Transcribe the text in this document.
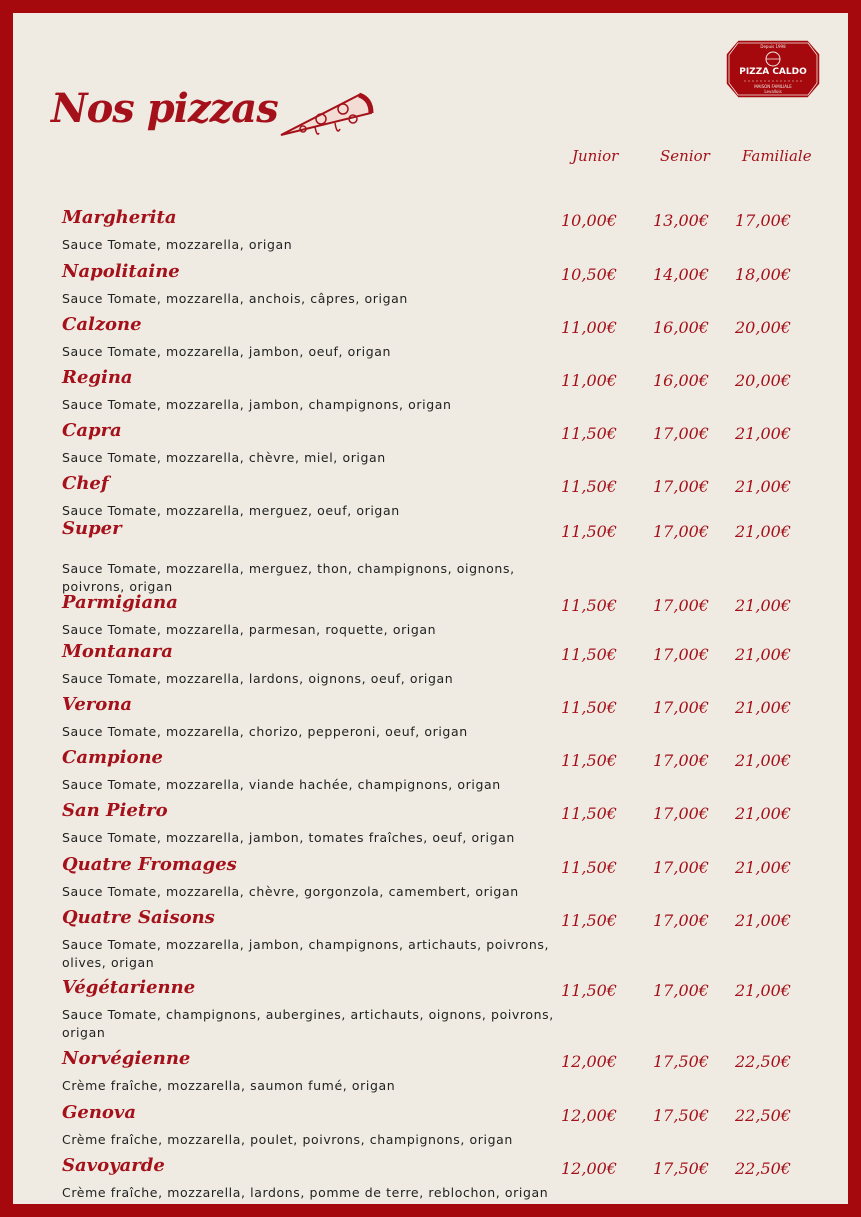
Nos pizzas
Depuis 1998
PIZZA CALDO
MAISON FAMILIALE
Levallois
Junior	Senior Familiale
Margherita
Sauce Tomate, mozzarella, origan
10,00€ 13,00€ 17,00€
Napolitaine
Sauce Tomate, mozzarella, anchois, câpres, origan
10,50€ 14,00€ 18,00€
Calzone
Sauce Tomate, mozzarella, jambon, oeuf, origan
11,00€ 16,00€ 20,00€
Regina
Sauce Tomate, mozzarella, jambon, champignons, origan
11,00€ 16,00€ 20,00€
Capra
Sauce Tomate, mozzarella, chèvre, miel, origan
11,50€ 17,00€ 21,00€
Chef
Sauce Tomate, mozzarella, merguez, oeuf, origan
11,50€ 17,00€ 21,00€
Super
Sauce Tomate, mozzarella, merguez, thon, champignons, oignons, poivrons, origan
11,50€ 17,00€ 21,00€
Parmigiana
Sauce Tomate, mozzarella, parmesan, roquette, origan
11,50€ 17,00€ 21,00€
Montanara
Sauce Tomate, mozzarella, lardons, oignons, oeuf, origan
11,50€ 17,00€ 21,00€
Verona
Sauce Tomate, mozzarella, chorizo, pepperoni, oeuf, origan
11,50€ 17,00€ 21,00€
Campione
Sauce Tomate, mozzarella, viande hachée, champignons, origan
11,50€ 17,00€ 21,00€
San Pietro
Sauce Tomate, mozzarella, jambon, tomates fraîches, oeuf, origan
11,50€ 17,00€ 21,00€
Quatre Fromages
Sauce Tomate, mozzarella, chèvre, gorgonzola, camembert, origan
11,50€ 17,00€ 21,00€
Quatre Saisons
Sauce Tomate, mozzarella, jambon, champignons, artichauts, poivrons, olives, origan
11,50€ 17,00€ 21,00€
Végétarienne
Sauce Tomate, champignons, aubergines, artichauts, oignons, poivrons, origan
11,50€ 17,00€ 21,00€
Norvégienne
Crème fraîche, mozzarella, saumon fumé, origan
12,00€ 17,50€ 22,50€
Genova
Crème fraîche, mozzarella, poulet, poivrons, champignons, origan
12,00€ 17,50€ 22,50€
Savoyarde
Crème fraîche, mozzarella, lardons, pomme de terre, reblochon, origan
12,00€ 17,50€ 22,50€
